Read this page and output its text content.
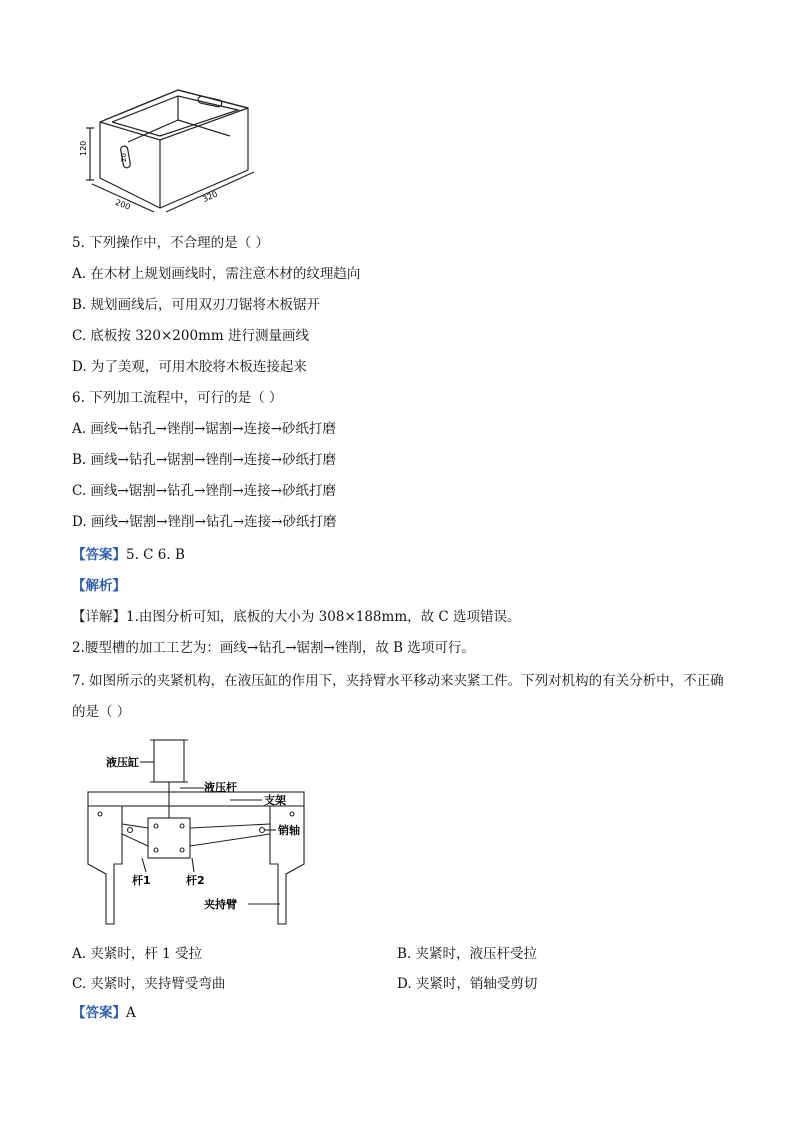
120
20
200
320
5. 下列操作中，不合理的是（ ）
A. 在木材上规划画线时，需注意木材的纹理趋向
B. 规划画线后，可用双刃刀锯将木板锯开
C. 底板按 320×200mm 进行测量画线
D. 为了美观，可用木胶将木板连接起来
6. 下列加工流程中，可行的是（ ）
A. 画线→钻孔→锉削→锯割→连接→砂纸打磨
B. 画线→钻孔→锯割→锉削→连接→砂纸打磨
C. 画线→锯割→钻孔→锉削→连接→砂纸打磨
D. 画线→锯割→锉削→钻孔→连接→砂纸打磨
【答案】5. C 6. B
【解析】
【详解】1.由图分析可知，底板的大小为 308×188mm，故 C 选项错误。
2.腰型槽的加工工艺为：画线→钻孔→锯割→锉削，故 B 选项可行。
7. 如图所示的夹紧机构，在液压缸的作用下，夹持臂水平移动来夹紧工件。下列对机构的有关分析中，不正确的是（ ）
液压缸
液压杆
支架
销轴
杆1	杆2
夹持臂
A. 夹紧时，杆 1 受拉	B. 夹紧时，液压杆受拉
C. 夹紧时，夹持臂受弯曲	D. 夹紧时，销轴受剪切
【答案】A
